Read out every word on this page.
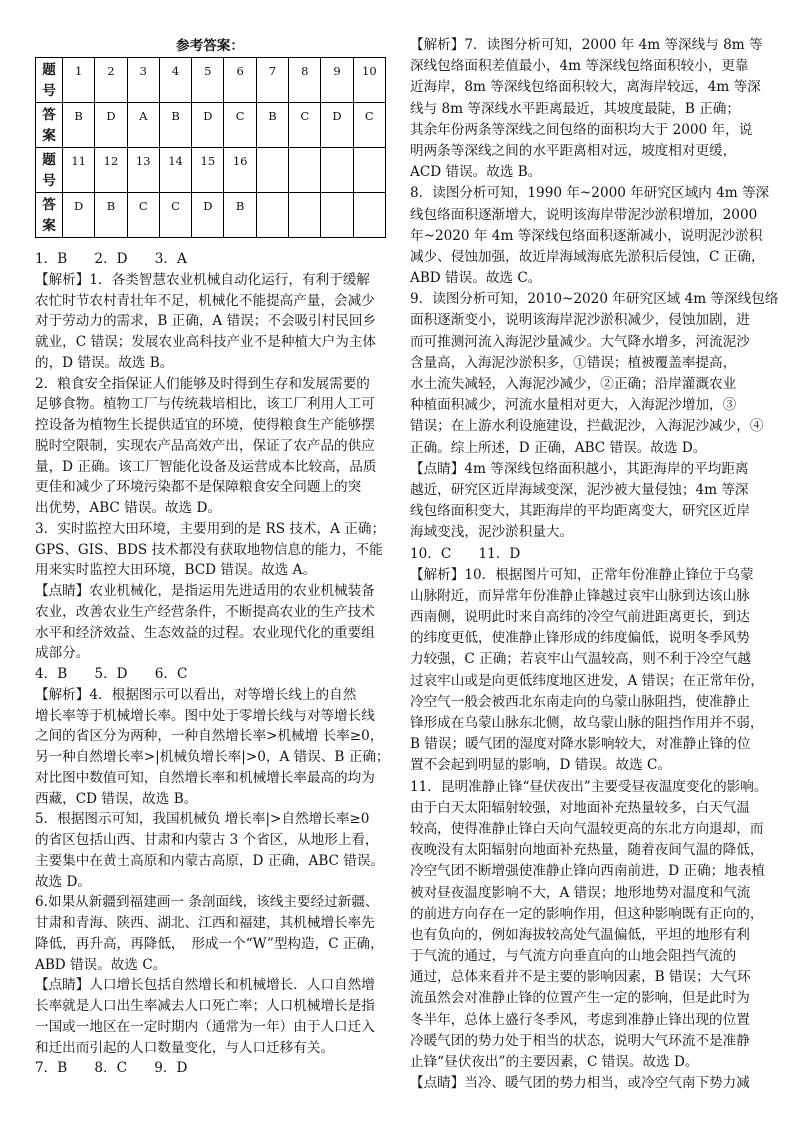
参考答案：
题号	1	2	3	4	5	6	7	8	9	10
答案	B	D	A	B	D	C	B	C	D	C
题号	11	12	13	14	15	16				
答案	D	B	C	C	D	B				
1．B　　2．D　　3．A
【解析】1．各类智慧农业机械自动化运行，有利于缓解
农忙时节农村青壮年不足，机械化不能提高产量，会减少
对于劳动力的需求，B 正确，A 错误；不会吸引村民回乡
就业，C 错误；发展农业高科技产业不是种植大户为主体
的，D 错误。故选 B。
2．粮食安全指保证人们能够及时得到生存和发展需要的
足够食物。植物工厂与传统栽培相比，该工厂利用人工可
控设备为植物生长提供适宜的环境，使得粮食生产能够摆
脱时空限制，实现农产品高效产出，保证了农产品的供应
量，D 正确。该工厂智能化设备及运营成本比较高，品质
更佳和减少了环境污染都不是保障粮食安全问题上的突
出优势，ABC 错误。故选 D。
3．实时监控大田环境，主要用到的是 RS 技术，A 正确；
GPS、GIS、BDS 技术都没有获取地物信息的能力，不能
用来实时监控大田环境，BCD 错误。故选 A。
【点睛】农业机械化，是指运用先进适用的农业机械装备
农业，改善农业生产经营条件，不断提高农业的生产技术
水平和经济效益、生态效益的过程。农业现代化的重要组
成部分。
4．B　　5．D　　6．C
【解析】4．根据图示可以看出，对等增长线上的自然
增长率等于机械增长率。图中处于零增长线与对等增长线
之间的省区分为两种，一种自然增长率>机械增 长率≥0，
另一种自然增长率>|机械负增长率|>0，A 错误、B 正确；
对比图中数值可知，自然增长率和机械增长率最高的均为
西藏，CD 错误，故选 B。
5．根据图示可知，我国机械负 增长率|>自然增长率≥0
的省区包括山西、甘肃和内蒙古 3 个省区，从地形上看，
主要集中在黄土高原和内蒙古高原，D 正确，ABC 错误。
故选 D。
6.如果从新疆到福建画一 条剖面线，该线主要经过新疆、
甘肃和青海、陕西、湖北、江西和福建，其机械增长率先
降低，再升高，再降低，　形成一个“W”型构造，C 正确，
ABD 错误。故选 C。
【点睛】人口增长包括自然增长和机械增长．人口自然增
长率就是人口出生率减去人口死亡率；人口机械增长是指
一国或一地区在一定时期内（通常为一年）由于人口迁入
和迁出而引起的人口数量变化，与人口迁移有关。
7．B　　8．C　　9．D
【解析】7．读图分析可知，2000 年 4m 等深线与 8m 等
深线包络面积差值最小，4m 等深线包络面积较小，更靠
近海岸，8m 等深线包络面积较大，离海岸较远，4m 等深
线与 8m 等深线水平距离最近，其坡度最陡，B 正确；
其余年份两条等深线之间包络的面积均大于 2000 年，说
明两条等深线之间的水平距离相对远，坡度相对更缓，
ACD 错误。故选 B。
8．读图分析可知，1990 年~2000 年研究区域内 4m 等深
线包络面积逐渐增大，说明该海岸带泥沙淤积增加，2000
年~2020 年 4m 等深线包络面积逐渐减小，说明泥沙淤积
减少、侵蚀加强，故近岸海域海底先淤积后侵蚀，C 正确，
ABD 错误。故选 C。
9．读图分析可知，2010~2020 年研究区域 4m 等深线包络
面积逐渐变小，说明该海岸泥沙淤积减少，侵蚀加剧，进
而可推测河流入海泥沙量减少。大气降水增多，河流泥沙
含量高，入海泥沙淤积多，①错误；植被覆盖率提高，
水土流失减轻，入海泥沙减少，②正确；沿岸灌溉农业
种植面积减少，河流水量相对更大，入海泥沙增加，③
错误；在上游水利设施建设，拦截泥沙，入海泥沙减少，④
正确。综上所述，D 正确，ABC 错误。故选 D。
【点睛】4m 等深线包络面积越小，其距海岸的平均距离
越近，研究区近岸海域变深，泥沙被大量侵蚀；4m 等深
线包络面积变大，其距海岸的平均距离变大，研究区近岸
海域变浅，泥沙淤积量大。
10．C　　11．D
【解析】10．根据图片可知，正常年份准静止锋位于乌蒙
山脉附近，而异常年份准静止锋越过哀牢山脉到达该山脉
西南侧，说明此时来自高纬的冷空气前进距离更长，到达
的纬度更低，使准静止锋形成的纬度偏低，说明冬季风势
力较强，C 正确；若哀牢山气温较高，则不利于冷空气越
过哀牢山或是向更低纬度地区进发，A 错误；在正常年份，
冷空气一般会被西北东南走向的乌蒙山脉阻挡，使准静止
锋形成在乌蒙山脉东北侧，故乌蒙山脉的阻挡作用并不弱，
B 错误；暖气团的湿度对降水影响较大，对准静止锋的位
置不会起到明显的影响，D 错误。故选 C。
11．昆明准静止锋“昼伏夜出”主要受昼夜温度变化的影响。
由于白天太阳辐射较强，对地面补充热量较多，白天气温
较高，使得准静止锋白天向气温较更高的东北方向退却，而
夜晚没有太阳辐射向地面补充热量，随着夜间气温的降低，
冷空气团不断增强使准静止锋向西南前进，D 正确；地表植
被对昼夜温度影响不大，A 错误；地形地势对温度和气流
的前进方向存在一定的影响作用，但这种影响既有正向的，
也有负向的，例如海拔较高处气温偏低，平坦的地形有利
于气流的通过，与气流方向垂直向的山地会阻挡气流的
通过，总体来看并不是主要的影响因素，B 错误；大气环
流虽然会对准静止锋的位置产生一定的影响，但是此时为
冬半年，总体上盛行冬季风，考虑到准静止锋出现的位置
冷暖气团的势力处于相当的状态，说明大气环流不是准静
止锋“昼伏夜出”的主要因素，C 错误。故选 D。
【点睛】当冷、暖气团的势力相当，或冷空气南下势力减
